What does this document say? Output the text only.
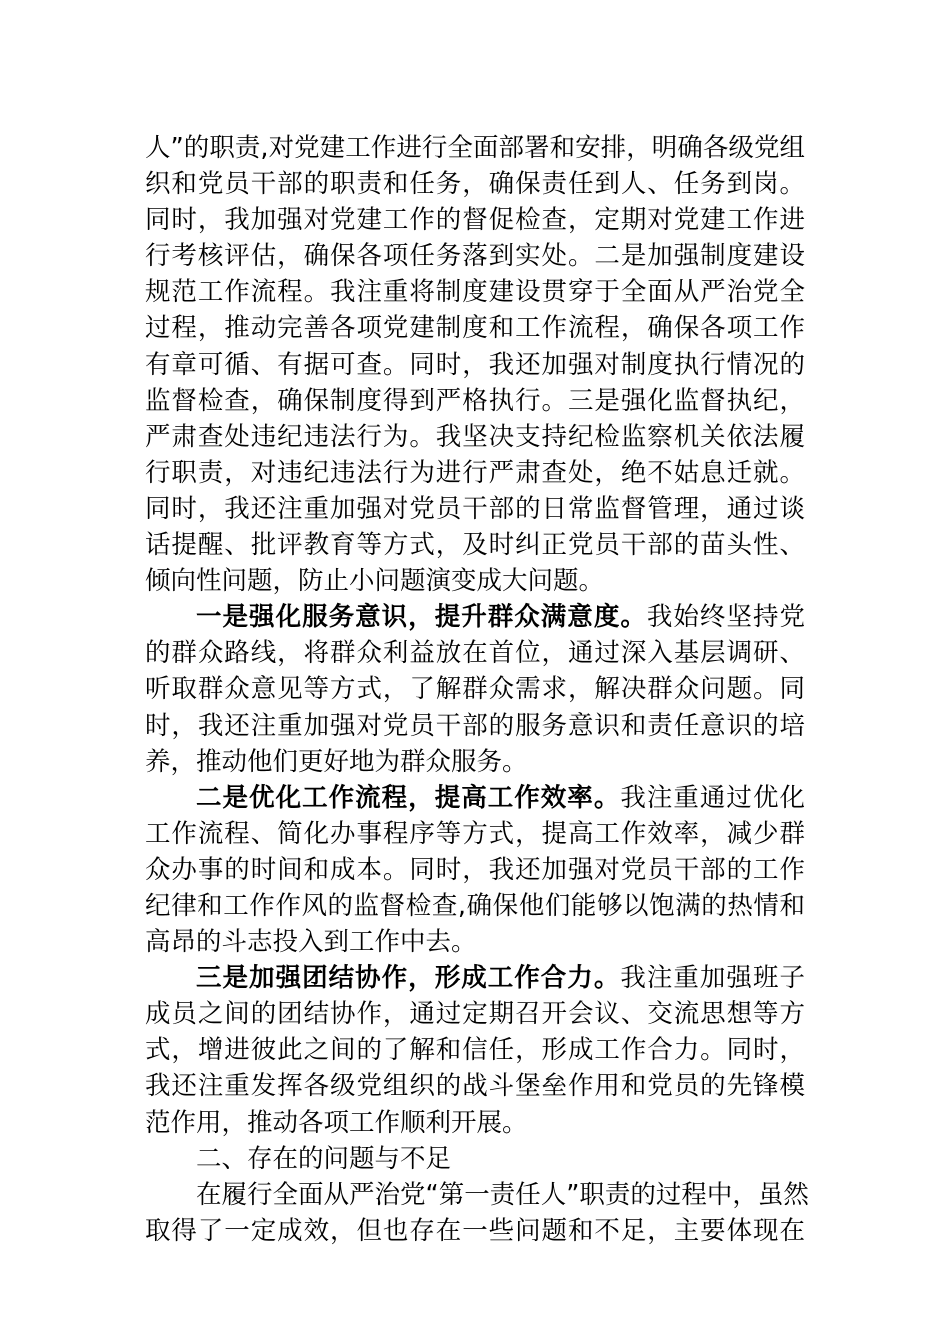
人”的职责,对党建工作进行全面部署和安排，明确各级党组
织和党员干部的职责和任务，确保责任到人、任务到岗。
同时，我加强对党建工作的督促检查，定期对党建工作进
行考核评估，确保各项任务落到实处。二是加强制度建设
规范工作流程。我注重将制度建设贯穿于全面从严治党全
过程，推动完善各项党建制度和工作流程，确保各项工作
有章可循、有据可查。同时，我还加强对制度执行情况的
监督检查，确保制度得到严格执行。三是强化监督执纪，
严肃查处违纪违法行为。我坚决支持纪检监察机关依法履
行职责，对违纪违法行为进行严肃查处，绝不姑息迁就。
同时，我还注重加强对党员干部的日常监督管理，通过谈
话提醒、批评教育等方式，及时纠正党员干部的苗头性、
倾向性问题，防止小问题演变成大问题。
一是强化服务意识，提升群众满意度。我始终坚持党
的群众路线，将群众利益放在首位，通过深入基层调研、
听取群众意见等方式，了解群众需求，解决群众问题。同
时，我还注重加强对党员干部的服务意识和责任意识的培
养，推动他们更好地为群众服务。
二是优化工作流程，提高工作效率。我注重通过优化
工作流程、简化办事程序等方式，提高工作效率，减少群
众办事的时间和成本。同时，我还加强对党员干部的工作
纪律和工作作风的监督检查,确保他们能够以饱满的热情和
高昂的斗志投入到工作中去。
三是加强团结协作，形成工作合力。我注重加强班子
成员之间的团结协作，通过定期召开会议、交流思想等方
式，增进彼此之间的了解和信任，形成工作合力。同时，
我还注重发挥各级党组织的战斗堡垒作用和党员的先锋模
范作用，推动各项工作顺利开展。
二、存在的问题与不足
在履行全面从严治党“第一责任人”职责的过程中，虽然
取得了一定成效，但也存在一些问题和不足，主要体现在
